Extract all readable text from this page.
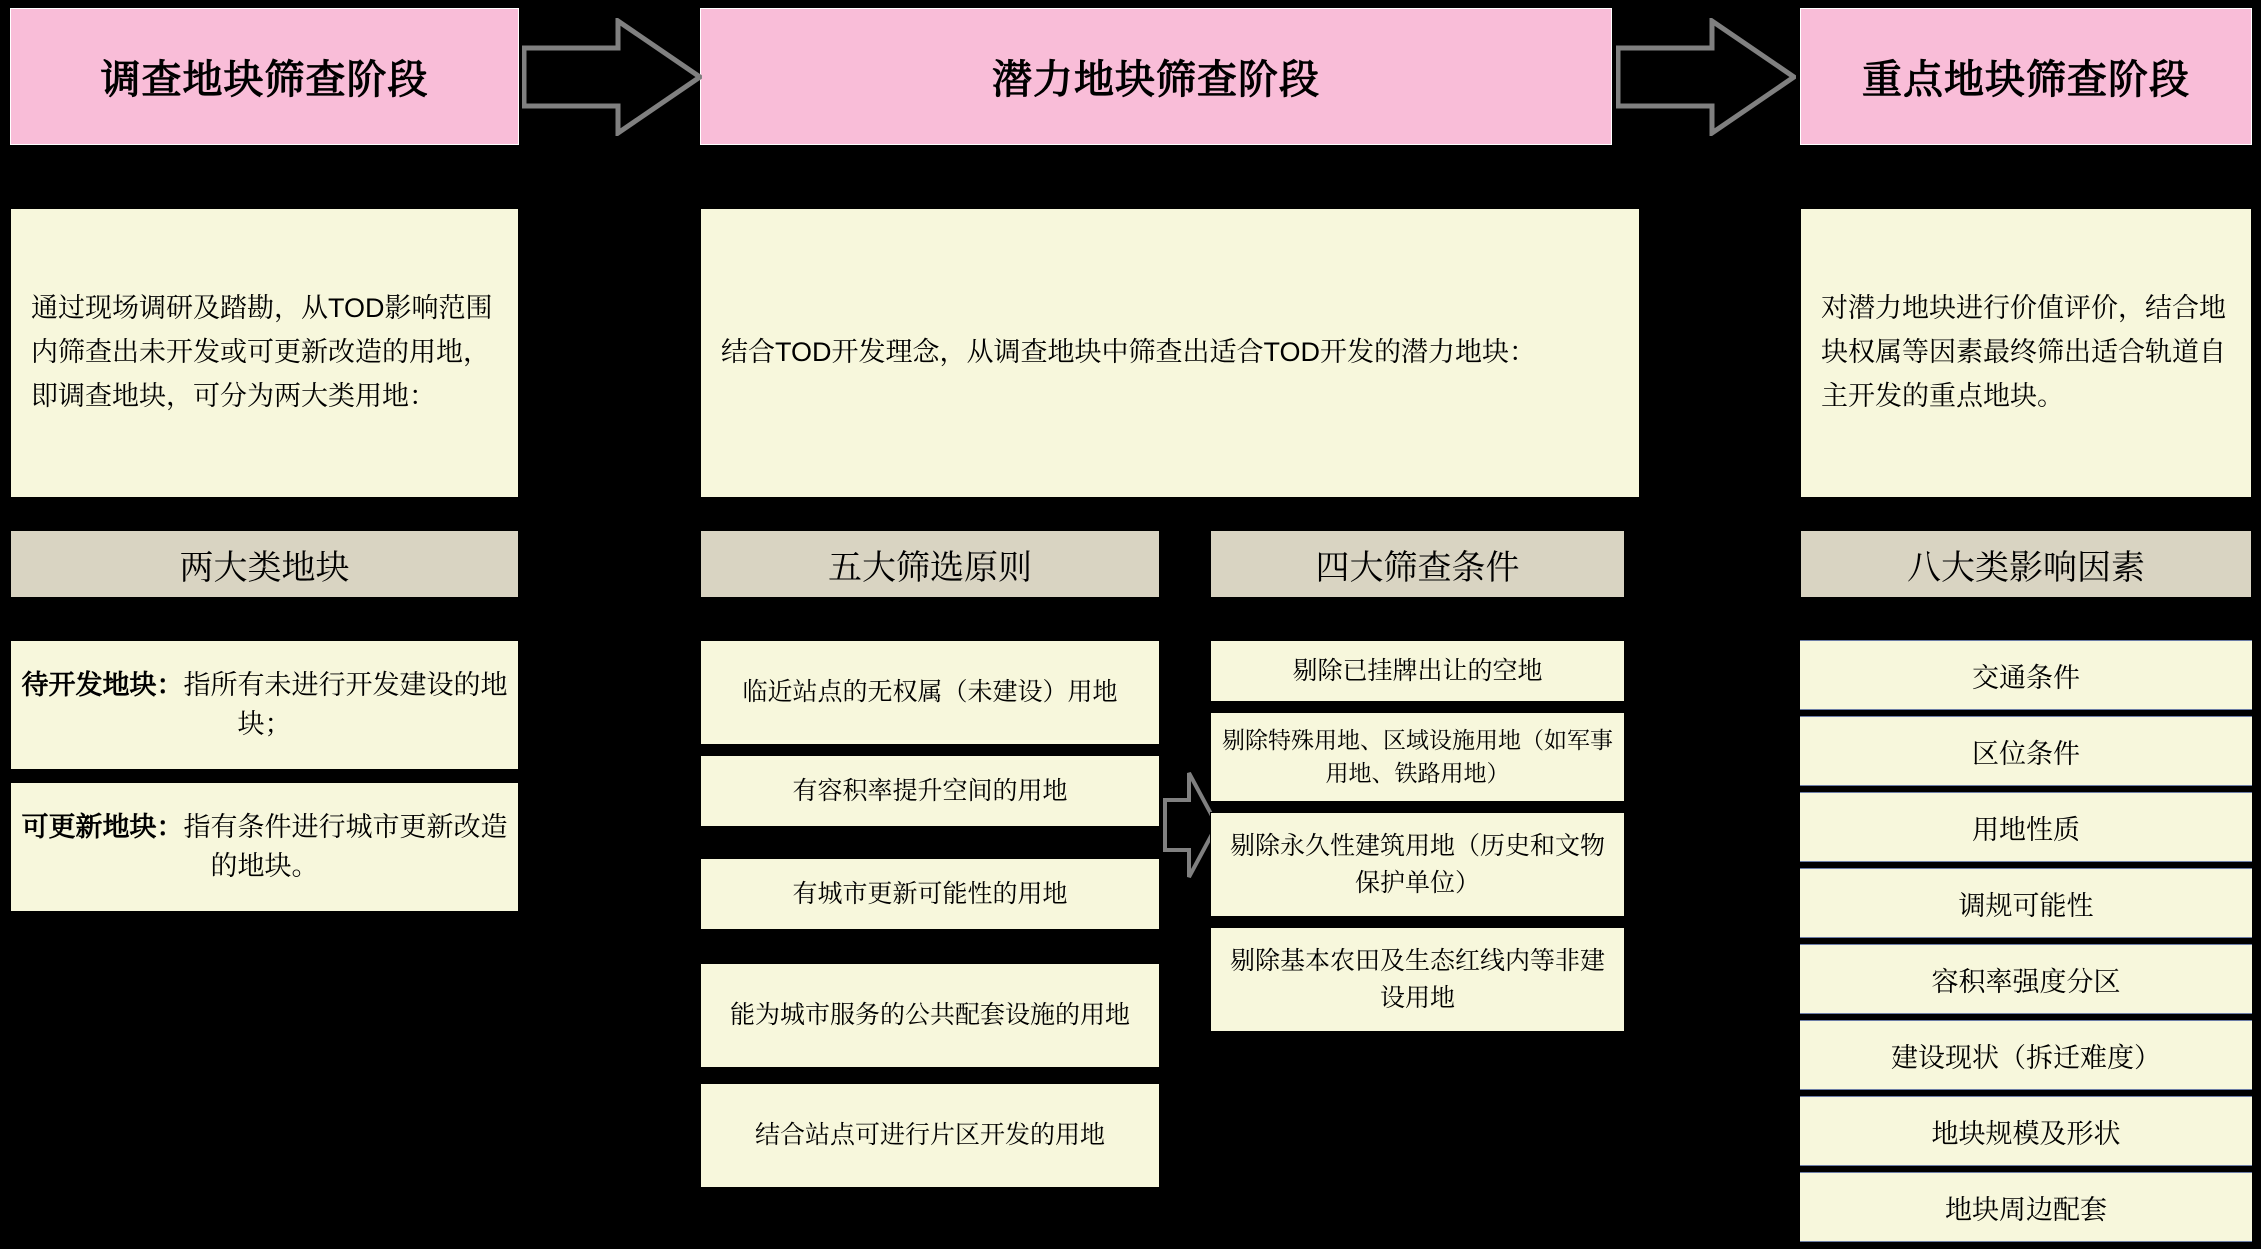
调查地块筛查阶段	潜力地块筛查阶段	重点地块筛查阶段
通过现场调研及踏勘，从TOD影响范围内筛查出未开发或可更新改造的用地，即调查地块，可分为两大类用地：
结合TOD开发理念，从调查地块中筛查出适合TOD开发的潜力地块：
对潜力地块进行价值评价，结合地块权属等因素最终筛出适合轨道自主开发的重点地块。
两大类地块	五大筛选原则	四大筛查条件	八大类影响因素
待开发地块：指所有未进行开发建设的地块；
可更新地块：指有条件进行城市更新改造的地块。
临近站点的无权属（未建设）用地
有容积率提升空间的用地
有城市更新可能性的用地
能为城市服务的公共配套设施的用地
结合站点可进行片区开发的用地
剔除已挂牌出让的空地
剔除特殊用地、区域设施用地（如军事用地、铁路用地）
剔除永久性建筑用地（历史和文物保护单位）
剔除基本农田及生态红线内等非建设用地
交通条件
区位条件
用地性质
调规可能性
容积率强度分区
建设现状（拆迁难度）
地块规模及形状
地块周边配套
